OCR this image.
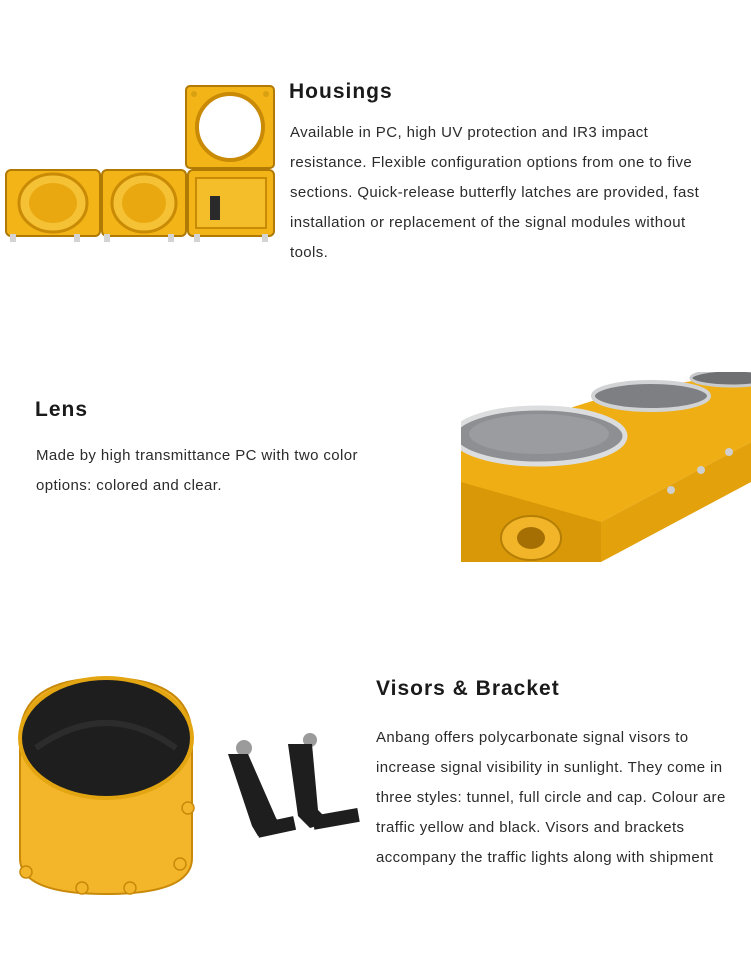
Housings

Available in PC, high UV protection and IR3 impact resistance. Flexible configuration options from one to five sections. Quick-release butterfly latches are provided, fast installation or replacement of the signal modules without tools.

Lens

Made by high transmittance PC with two color options: colored and clear.

Visors & Bracket

Anbang offers polycarbonate signal visors to increase signal visibility in sunlight. They come in three styles: tunnel, full circle and cap. Colour are traffic yellow and black. Visors and brackets accompany the traffic lights along with shipment
